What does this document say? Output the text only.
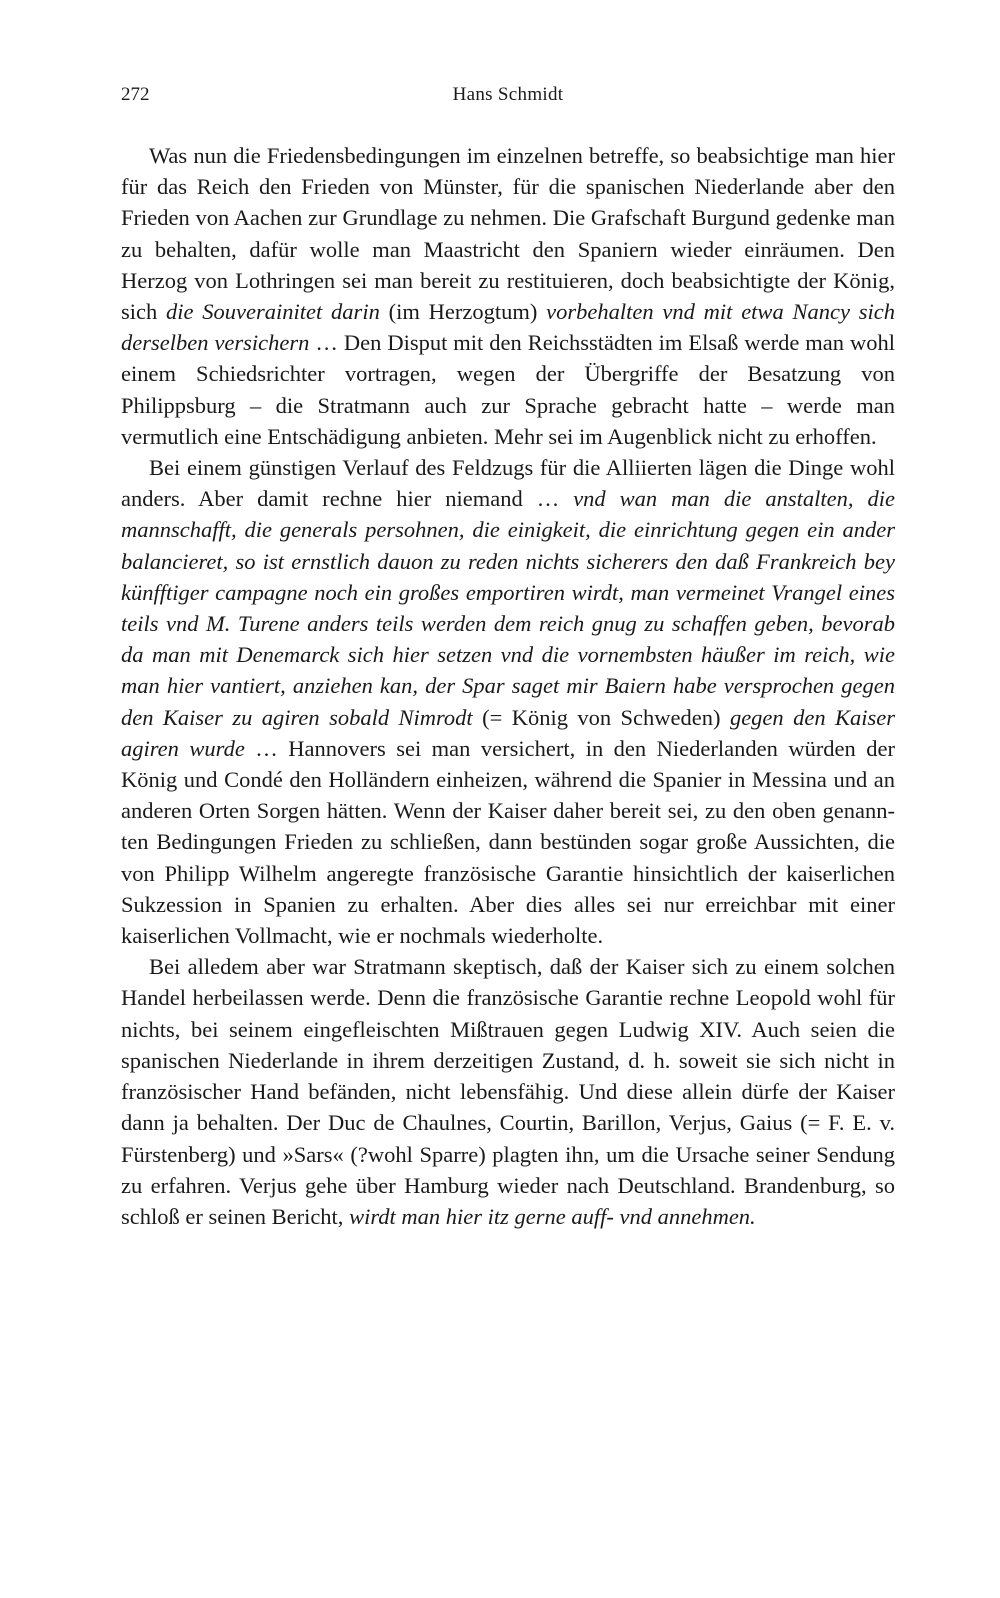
272	Hans Schmidt

Was nun die Friedensbedingungen im einzelnen betreffe, so beabsichtige man hier für das Reich den Frieden von Münster, für die spanischen Niederlande aber den Frieden von Aachen zur Grundlage zu nehmen. Die Grafschaft Burgund gedenke man zu behalten, dafür wolle man Maastricht den Spaniern wieder einräumen. Den Herzog von Lothringen sei man bereit zu restituieren, doch beabsichtigte der König, sich die Souverainitet darin (im Herzogtum) vorbehalten vnd mit etwa Nancy sich derselben versichern … Den Disput mit den Reichsstädten im Elsaß werde man wohl einem Schiedsrichter vortragen, wegen der Übergriffe der Besatzung von Philippsburg – die Stratmann auch zur Sprache gebracht hatte – werde man vermutlich eine Entschädigung anbieten. Mehr sei im Augenblick nicht zu erhoffen.

Bei einem günstigen Verlauf des Feldzugs für die Alliierten lägen die Dinge wohl anders. Aber damit rechne hier niemand … vnd wan man die anstalten, die mannschafft, die generals persohnen, die einigkeit, die einrichtung gegen ein ander balancieret, so ist ernstlich dauon zu reden nichts sicherers den daß Frankreich bey künfftiger campagne noch ein großes emportiren wirdt, man vermeinet Vrangel eines teils vnd M. Turene anders teils werden dem reich gnug zu schaffen geben, bevorab da man mit Denemarck sich hier setzen vnd die vornembsten häußer im reich, wie man hier vantiert, anziehen kan, der Spar saget mir Baiern habe versprochen gegen den Kaiser zu agiren sobald Nimrodt (= König von Schweden) gegen den Kaiser agiren wurde … Hannovers sei man versichert, in den Niederlanden würden der König und Condé den Holländern einheizen, während die Spanier in Messina und an anderen Orten Sorgen hätten. Wenn der Kaiser daher bereit sei, zu den oben genannten Bedingungen Frieden zu schließen, dann bestünden sogar große Aussichten, die von Philipp Wilhelm angeregte französische Garantie hinsichtlich der kaiserlichen Sukzession in Spanien zu erhalten. Aber dies alles sei nur erreichbar mit einer kaiserlichen Vollmacht, wie er nochmals wiederholte.

Bei alledem aber war Stratmann skeptisch, daß der Kaiser sich zu einem solchen Handel herbeilassen werde. Denn die französische Garantie rechne Leopold wohl für nichts, bei seinem eingefleischten Mißtrauen gegen Ludwig XIV. Auch seien die spanischen Niederlande in ihrem derzeitigen Zustand, d. h. soweit sie sich nicht in französischer Hand befänden, nicht lebensfähig. Und diese allein dürfe der Kaiser dann ja behalten. Der Duc de Chaulnes, Courtin, Barillon, Verjus, Gaius (= F. E. v. Fürstenberg) und »Sars« (?wohl Sparre) plagten ihn, um die Ursache seiner Sendung zu erfahren. Verjus gehe über Hamburg wieder nach Deutschland. Brandenburg, so schloß er seinen Bericht, wirdt man hier itz gerne auff- vnd annehmen.
